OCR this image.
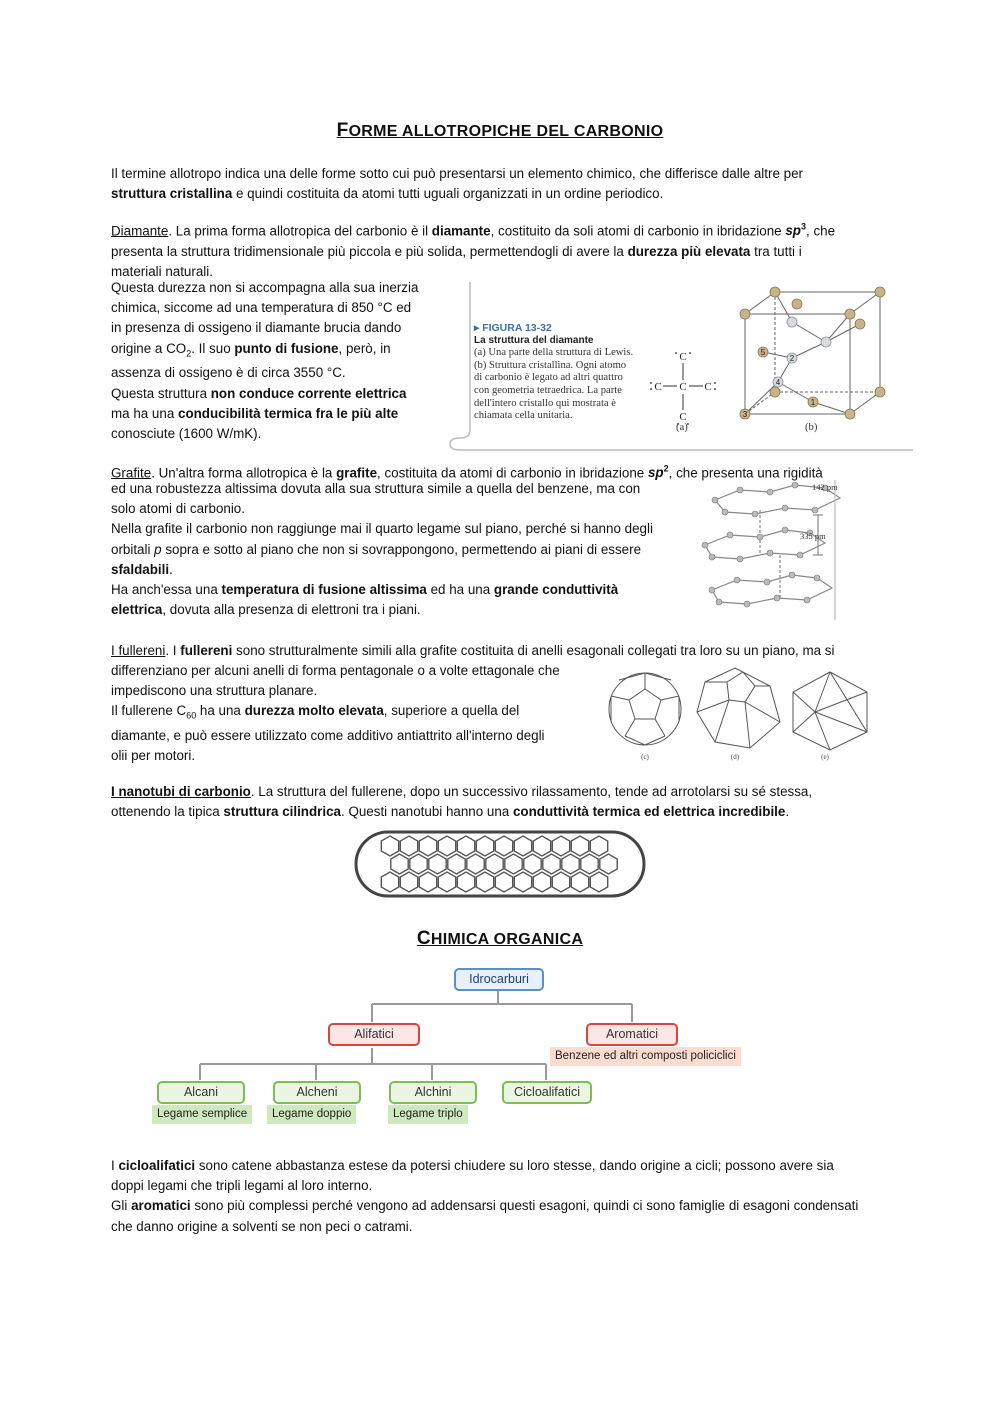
FORME ALLOTROPICHE DEL CARBONIO
Il termine allotropo indica una delle forme sotto cui può presentarsi un elemento chimico, che differisce dalle altre per
struttura cristallina e quindi costituita da atomi tutti uguali organizzati in un ordine periodico.
Diamante. La prima forma allotropica del carbonio è il diamante, costituito da soli atomi di carbonio in ibridazione $sp^3$, che
presenta la struttura tridimensionale più piccola e più solida, permettendogli di avere la durezza più elevata tra tutti i
materiali naturali.
Questa durezza non si accompagna alla sua inerzia
chimica, siccome ad una temperatura di 850 °C ed
in presenza di ossigeno il diamante brucia dando
origine a $CO_2$. Il suo punto di fusione, però, in
assenza di ossigeno è di circa 3550 °C.
Questa struttura non conduce corrente elettrica
ma ha una conducibilità termica fra le più alte
conosciute (1600 W/mK).
▸ FIGURA 13-32
La struttura del diamante
(a) Una parte della struttura di Lewis.
(b) Struttura cristallina. Ogni atomo
di carbonio è legato ad altri quattro
con geometria tetraedrica. La parte
dell'intero cristallo qui mostrata è
chiamata cella unitaria.
C
C
C	C
C
(a)
1
2
3
4
5
(b)
Grafite. Un'altra forma allotropica è la grafite, costituita da atomi di carbonio in ibridazione $sp^2$, che presenta una rigidità
ed una robustezza altissima dovuta alla sua struttura simile a quella del benzene, ma con
solo atomi di carbonio.
Nella grafite il carbonio non raggiunge mai il quarto legame sul piano, perché si hanno degli
orbitali p sopra e sotto al piano che non si sovrappongono, permettendo ai piani di essere
sfaldabili.
Ha anch'essa una temperatura di fusione altissima ed ha una grande conduttività
elettrica, dovuta alla presenza di elettroni tra i piani.
142 pm
335 pm
I fullereni. I fullereni sono strutturalmente simili alla grafite costituita di anelli esagonali collegati tra loro su un piano, ma si
differenziano per alcuni anelli di forma pentagonale o a volte ettagonale che
impediscono una struttura planare.
Il fullerene $C_{60}$ ha una durezza molto elevata, superiore a quella del
diamante, e può essere utilizzato come additivo antiattrito all'interno degli
olii per motori.	(c)	(d)	(e)
I nanotubi di carbonio. La struttura del fullerene, dopo un successivo rilassamento, tende ad arrotolarsi su sé stessa,
ottenendo la tipica struttura cilindrica. Questi nanotubi hanno una conduttività termica ed elettrica incredibile.
CHIMICA ORGANICA
Idrocarburi
Alifatici	Aromatici
Benzene ed altri composti policiclici
Alcani	Alcheni	Alchini	Cicloalifatici
Legame semplice	Legame doppio	Legame triplo
I cicloalifatici sono catene abbastanza estese da potersi chiudere su loro stesse, dando origine a cicli; possono avere sia
doppi legami che tripli legami al loro interno.
Gli aromatici sono più complessi perché vengono ad addensarsi questi esagoni, quindi ci sono famiglie di esagoni condensati
che danno origine a solventi se non peci o catrami.
